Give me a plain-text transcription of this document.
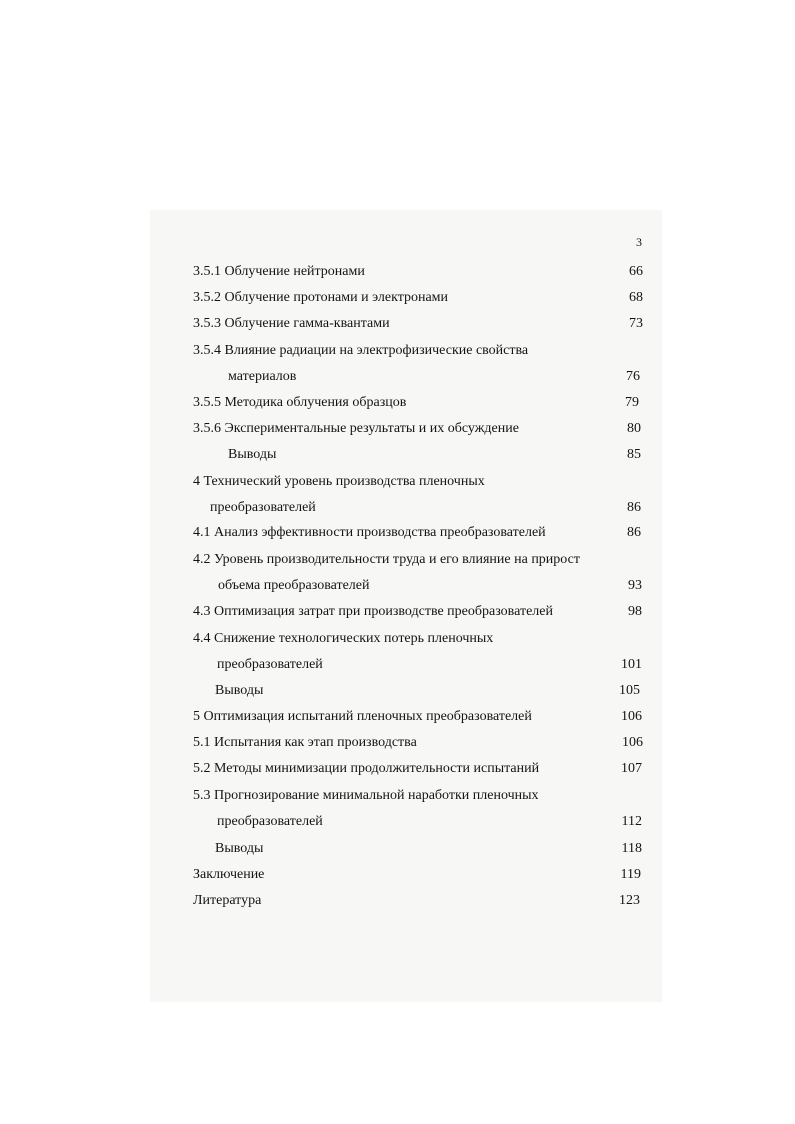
3
3.5.1 Облучение нейтронами	66
3.5.2 Облучение протонами и электронами	68
3.5.3 Облучение гамма-квантами	73
3.5.4 Влияние радиации на электрофизические свойства
материалов	76
3.5.5 Методика облучения образцов	79
3.5.6 Экспериментальные результаты и их обсуждение	80
Выводы	85
4 Технический уровень производства пленочных
преобразователей	86
4.1 Анализ эффективности производства преобразователей	86
4.2 Уровень производительности труда и его влияние на прирост
объема преобразователей	93
4.3 Оптимизация затрат при производстве преобразователей	98
4.4 Снижение технологических потерь пленочных
преобразователей	101
Выводы	105
5 Оптимизация испытаний пленочных преобразователей	106
5.1 Испытания как этап производства	106
5.2 Методы минимизации продолжительности испытаний	107
5.3 Прогнозирование минимальной наработки пленочных
преобразователей	112
Выводы	118
Заключение	119
Литература	123
